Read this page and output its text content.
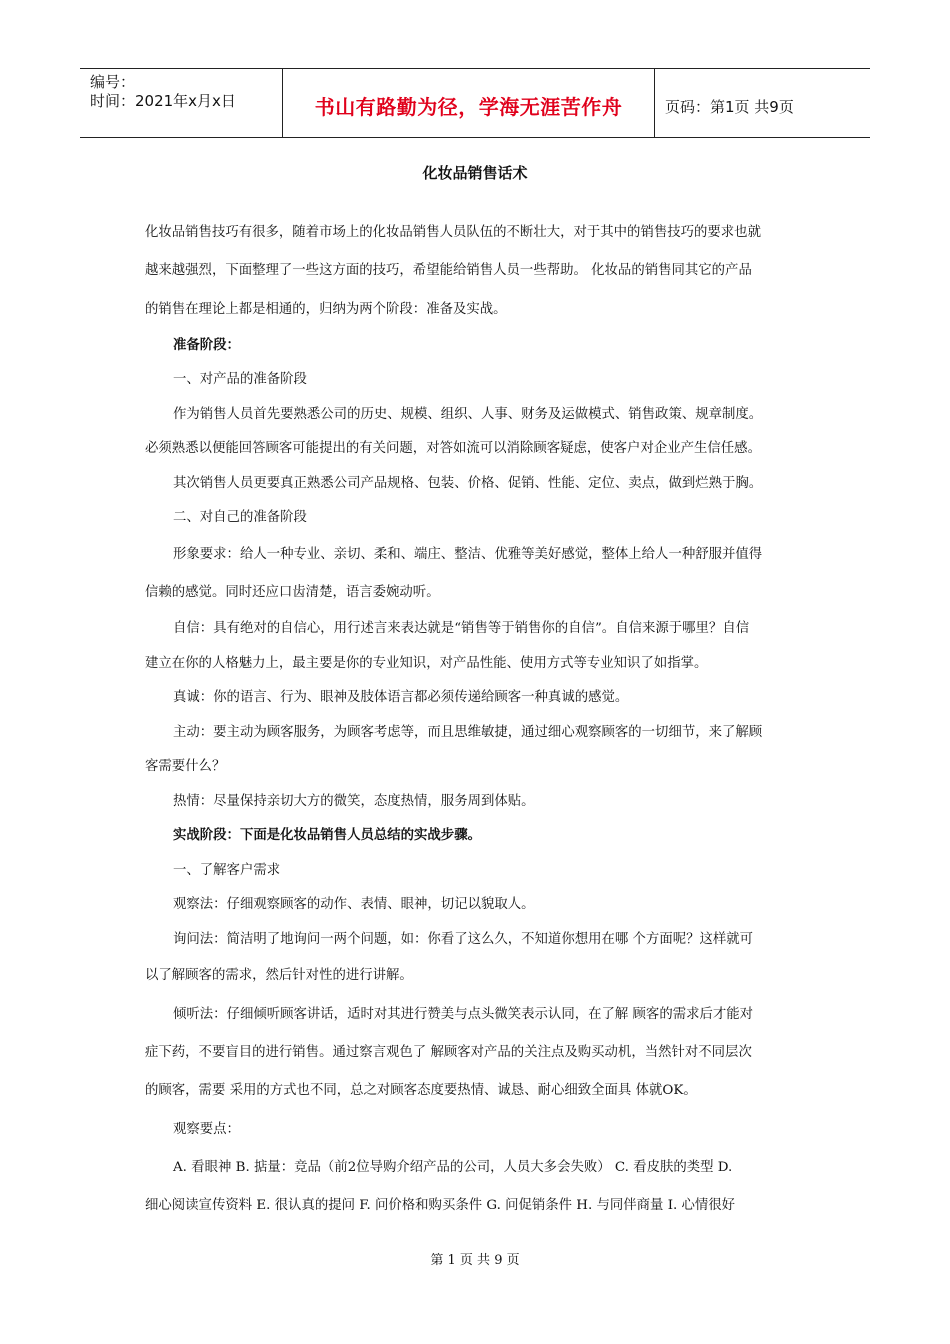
编号：
时间：2021年x月x日	书山有路勤为径，学海无涯苦作舟	页码：第1页 共9页
化妆品销售话术
化妆品销售技巧有很多，随着市场上的化妆品销售人员队伍的不断壮大，对于其中的销售技巧的要求也就
越来越强烈，下面整理了一些这方面的技巧，希望能给销售人员一些帮助。 化妆品的销售同其它的产品
的销售在理论上都是相通的，归纳为两个阶段：准备及实战。
准备阶段：
一、对产品的准备阶段
作为销售人员首先要熟悉公司的历史、规模、组织、人事、财务及运做模式、销售政策、规章制度。
必须熟悉以便能回答顾客可能提出的有关问题，对答如流可以消除顾客疑虑，使客户对企业产生信任感。
其次销售人员更要真正熟悉公司产品规格、包装、价格、促销、性能、定位、卖点，做到烂熟于胸。
二、对自己的准备阶段
形象要求：给人一种专业、亲切、柔和、端庄、整洁、优雅等美好感觉，整体上给人一种舒服并值得
信赖的感觉。同时还应口齿清楚，语言委婉动听。
自信：具有绝对的自信心，用行述言来表达就是“销售等于销售你的自信”。自信来源于哪里？自信
建立在你的人格魅力上，最主要是你的专业知识，对产品性能、使用方式等专业知识了如指掌。
真诚：你的语言、行为、眼神及肢体语言都必须传递给顾客一种真诚的感觉。
主动：要主动为顾客服务，为顾客考虑等，而且思维敏捷，通过细心观察顾客的一切细节，来了解顾
客需要什么？
热情：尽量保持亲切大方的微笑，态度热情，服务周到体贴。
实战阶段：下面是化妆品销售人员总结的实战步骤。
一、了解客户需求
观察法：仔细观察顾客的动作、表情、眼神，切记以貌取人。
询问法：简洁明了地询问一两个问题，如：你看了这么久，不知道你想用在哪 个方面呢？这样就可
以了解顾客的需求，然后针对性的进行讲解。
倾听法：仔细倾听顾客讲话，适时对其进行赞美与点头微笑表示认同，在了解 顾客的需求后才能对
症下药，不要盲目的进行销售。通过察言观色了 解顾客对产品的关注点及购买动机，当然针对不同层次
的顾客，需要 采用的方式也不同，总之对顾客态度要热情、诚恳、耐心细致全面具 体就OK。
观察要点：
A. 看眼神 B. 掂量：竞品（前2位导购介绍产品的公司，人员大多会失败） C. 看皮肤的类型 D.
细心阅读宣传资料 E. 很认真的提问 F. 问价格和购买条件 G. 问促销条件 H. 与同伴商量 I. 心情很好
第 1 页 共 9 页
